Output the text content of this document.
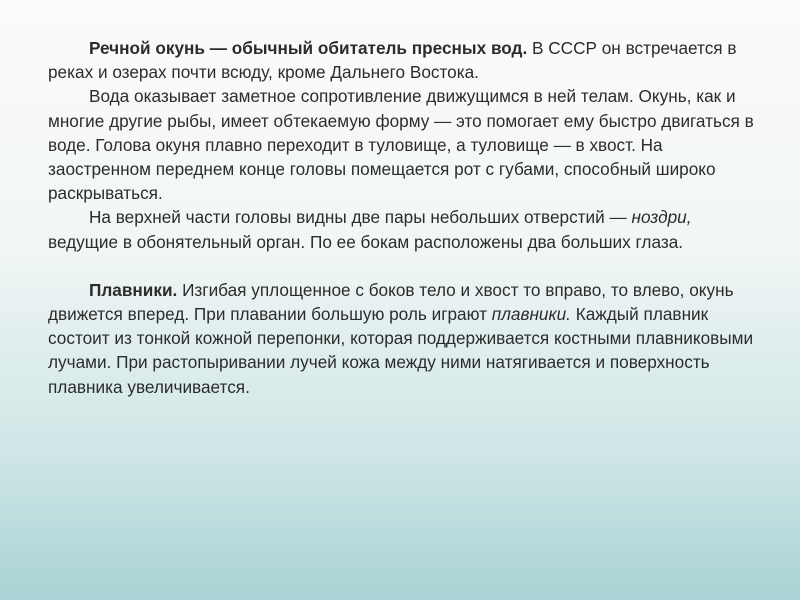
Речной окунь — обычный обитатель пресных вод. В СССР он встречается в реках и озерах почти всюду, кроме Дальнего Востока.

Вода оказывает заметное сопротивление движущимся в ней телам. Окунь, как и многие другие рыбы, имеет обтекаемую форму — это помогает ему быстро двигаться в воде. Голова окуня плавно переходит в туловище, а туловище — в хвост. На заостренном переднем конце головы помещается рот с губами, способный широко раскрываться.

На верхней части головы видны две пары небольших отверстий — ноздри, ведущие в обонятельный орган. По ее бокам расположены два больших глаза.

Плавники. Изгибая уплощенное с боков тело и хвост то вправо, то влево, окунь движется вперед. При плавании большую роль играют плавники. Каждый плавник состоит из тонкой кожной перепонки, которая поддерживается костными плавниковыми лучами. При растопыривании лучей кожа между ними натягивается и поверхность плавника увеличивается.
